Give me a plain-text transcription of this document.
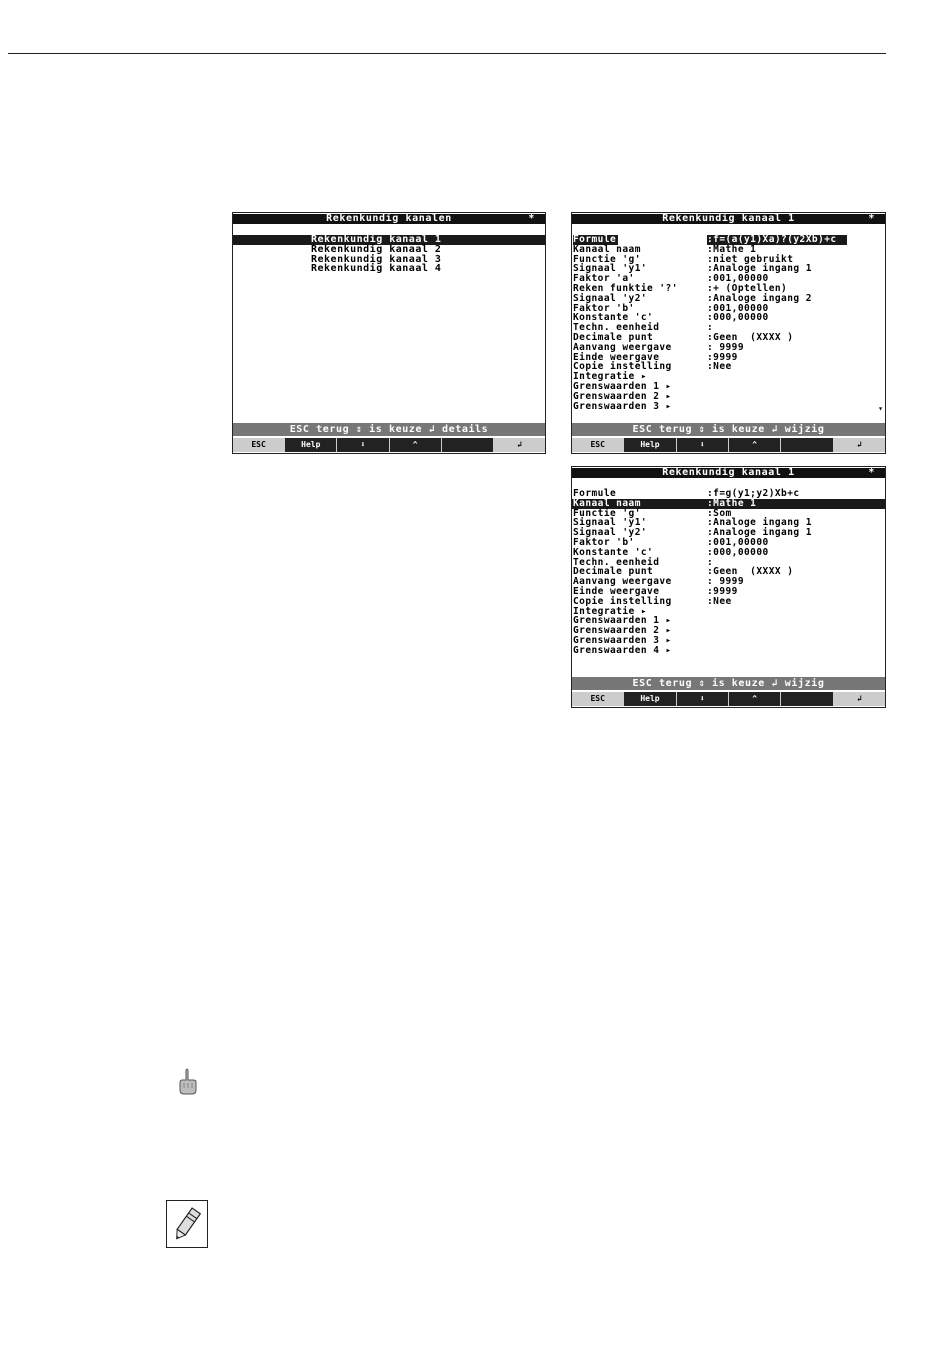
Rekenkundig kanalen	*
Rekenkundig kanaal 1
Rekenkundig kanaal 2
Rekenkundig kanaal 3
Rekenkundig kanaal 4
ESC terug ⇕ is keuze ↲ details
ESC	Help	⬇	^	↲
Rekenkundig kanaal 1	*
Formule	:f=(a(y1)Xa)?(y2Xb)+c
Kanaal naam	:Mathe 1
Functie 'g'	:niet gebruikt
Signaal 'y1'	:Analoge ingang 1
Faktor 'a'	:001,00000
Reken funktie '?'	:+ (Optellen)
Signaal 'y2'	:Analoge ingang 2
Faktor 'b'	:001,00000
Konstante 'c'	:000,00000
Techn. eenheid	:
Decimale punt	:Geen  (XXXX )
Aanvang weergave	: 9999
Einde weergave	:9999
Copie instelling	:Nee
Integratie ▸
Grenswaarden 1 ▸
Grenswaarden 2 ▸
Grenswaarden 3 ▸	▾
ESC terug ⇕ is keuze ↲ wijzig
ESC	Help	⬇	^	↲
Rekenkundig kanaal 1	*
Formule	:f=g(y1;y2)Xb+c
Kanaal naam	:Mathe 1
Functie 'g'	:Som
Signaal 'y1'	:Analoge ingang 1
Signaal 'y2'	:Analoge ingang 1
Faktor 'b'	:001,00000
Konstante 'c'	:000,00000
Techn. eenheid	:
Decimale punt	:Geen  (XXXX )
Aanvang weergave	: 9999
Einde weergave	:9999
Copie instelling	:Nee
Integratie ▸
Grenswaarden 1 ▸
Grenswaarden 2 ▸
Grenswaarden 3 ▸
Grenswaarden 4 ▸
ESC terug ⇕ is keuze ↲ wijzig
ESC	Help	⬇	^	↲
